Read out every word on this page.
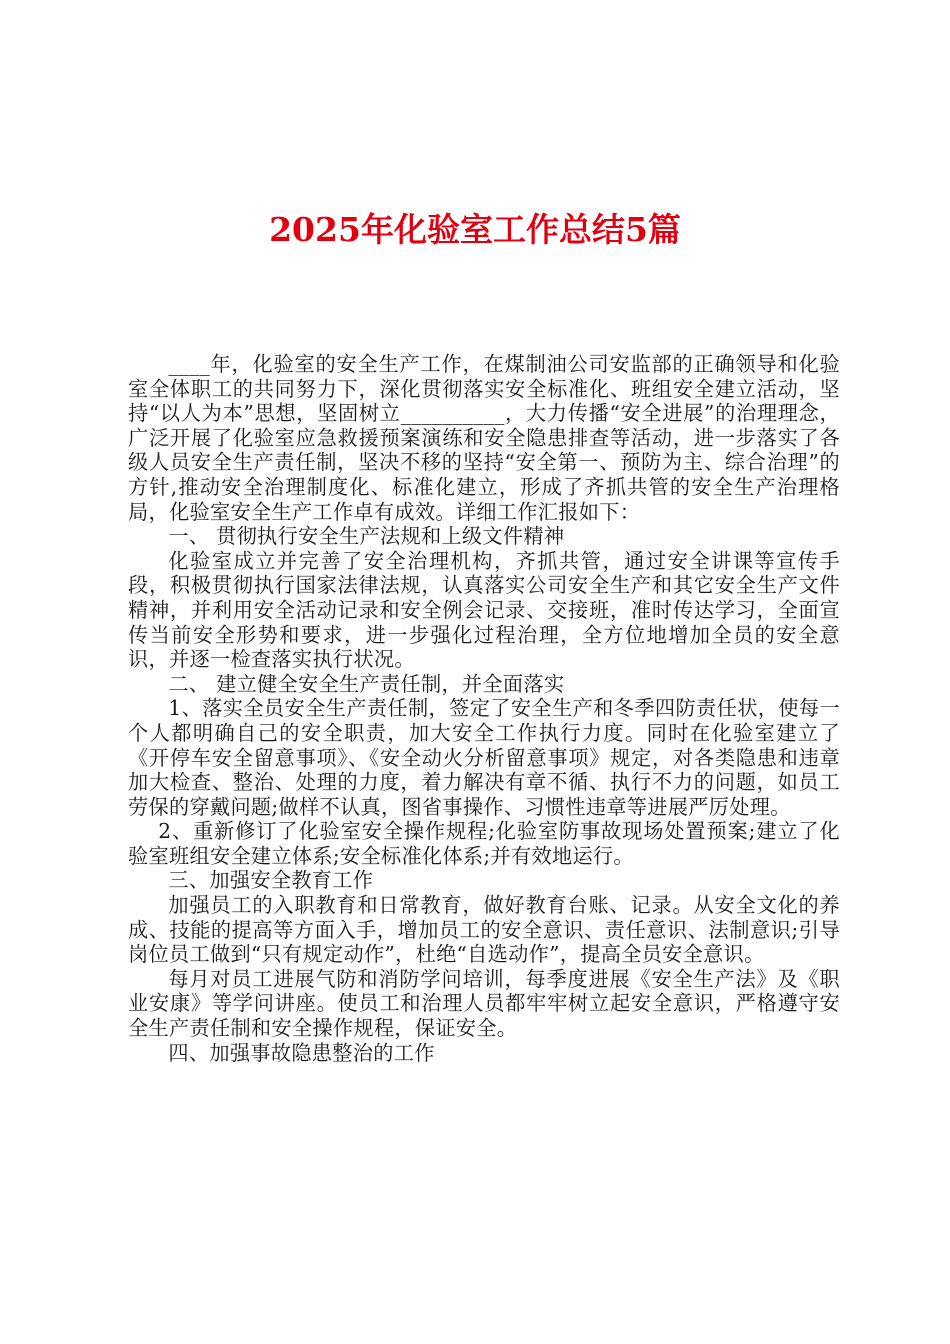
2025年化验室工作总结5篇

____年，化验室的安全生产工作，在煤制油公司安监部的正确领导和化验室全体职工的共同努力下，深化贯彻落实安全标准化、班组安全建立活动，坚持“以人为本”思想，坚固树立__________，大力传播“安全进展”的治理理念，广泛开展了化验室应急救援预案演练和安全隐患排查等活动，进一步落实了各级人员安全生产责任制，坚决不移的坚持“安全第一、预防为主、综合治理”的方针,推动安全治理制度化、标准化建立，形成了齐抓共管的安全生产治理格局，化验室安全生产工作卓有成效。详细工作汇报如下：

一、 贯彻执行安全生产法规和上级文件精神

化验室成立并完善了安全治理机构，齐抓共管，通过安全讲课等宣传手段，积极贯彻执行国家法律法规，认真落实公司安全生产和其它安全生产文件精神，并利用安全活动记录和安全例会记录、交接班，准时传达学习，全面宣传当前安全形势和要求，进一步强化过程治理，全方位地增加全员的安全意识，并逐一检查落实执行状况。

二、 建立健全安全生产责任制，并全面落实

1、落实全员安全生产责任制，签定了安全生产和冬季四防责任状，使每一个人都明确自己的安全职责，加大安全工作执行力度。同时在化验室建立了《开停车安全留意事项》、《安全动火分析留意事项》规定，对各类隐患和违章加大检查、整治、处理的力度，着力解决有章不循、执行不力的问题，如员工劳保的穿戴问题;做样不认真，图省事操作、习惯性违章等进展严厉处理。

2、重新修订了化验室安全操作规程;化验室防事故现场处置预案;建立了化验室班组安全建立体系;安全标准化体系;并有效地运行。

三、加强安全教育工作

加强员工的入职教育和日常教育，做好教育台账、记录。从安全文化的养成、技能的提高等方面入手，增加员工的安全意识、责任意识、法制意识;引导岗位员工做到“只有规定动作”，杜绝“自选动作”，提高全员安全意识。

每月对员工进展气防和消防学问培训，每季度进展《安全生产法》及《职业安康》等学问讲座。使员工和治理人员都牢牢树立起安全意识，严格遵守安全生产责任制和安全操作规程，保证安全。

四、加强事故隐患整治的工作
